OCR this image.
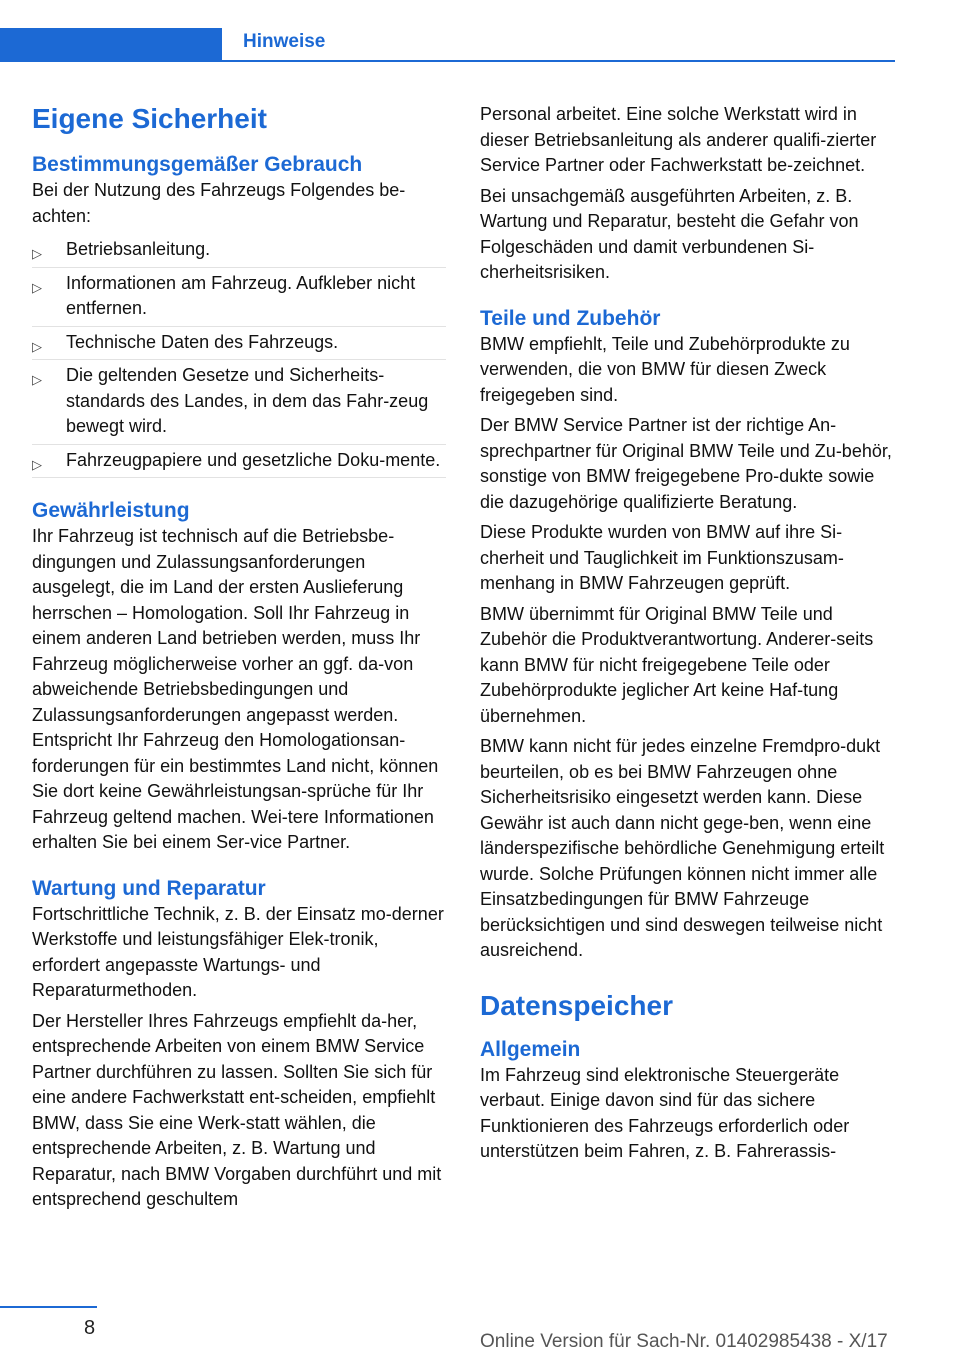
Hinweise
Eigene Sicherheit
Bestimmungsgemäßer Gebrauch

Bei der Nutzung des Fahrzeugs Folgendes be-achten:

▷ Betriebsanleitung.
▷ Informationen am Fahrzeug. Aufkleber nicht entfernen.
▷ Technische Daten des Fahrzeugs.
▷ Die geltenden Gesetze und Sicherheits-standards des Landes, in dem das Fahr-zeug bewegt wird.
▷ Fahrzeugpapiere und gesetzliche Doku-mente.
Gewährleistung

Ihr Fahrzeug ist technisch auf die Betriebsbe-dingungen und Zulassungsanforderungen ausgelegt, die im Land der ersten Auslieferung herrschen – Homologation. Soll Ihr Fahrzeug in einem anderen Land betrieben werden, muss Ihr Fahrzeug möglicherweise vorher an ggf. da-von abweichende Betriebsbedingungen und Zulassungsanforderungen angepasst werden. Entspricht Ihr Fahrzeug den Homologationsan-forderungen für ein bestimmtes Land nicht, können Sie dort keine Gewährleistungsan-sprüche für Ihr Fahrzeug geltend machen. Wei-tere Informationen erhalten Sie bei einem Ser-vice Partner.

Wartung und Reparatur

Fortschrittliche Technik, z. B. der Einsatz mo-derner Werkstoffe und leistungsfähiger Elek-tronik, erfordert angepasste Wartungs- und Reparaturmethoden.

Der Hersteller Ihres Fahrzeugs empfiehlt da-her, entsprechende Arbeiten von einem BMW Service Partner durchführen zu lassen. Sollten Sie sich für eine andere Fachwerkstatt ent-scheiden, empfiehlt BMW, dass Sie eine Werk-statt wählen, die entsprechende Arbeiten, z. B. Wartung und Reparatur, nach BMW Vorgaben durchführt und mit entsprechend geschultem

Personal arbeitet. Eine solche Werkstatt wird in dieser Betriebsanleitung als anderer qualifi-zierter Service Partner oder Fachwerkstatt be-zeichnet.

Bei unsachgemäß ausgeführten Arbeiten, z. B. Wartung und Reparatur, besteht die Gefahr von Folgeschäden und damit verbundenen Si-cherheitsrisiken.

Teile und Zubehör

BMW empfiehlt, Teile und Zubehörprodukte zu verwenden, die von BMW für diesen Zweck freigegeben sind.

Der BMW Service Partner ist der richtige An-sprechpartner für Original BMW Teile und Zu-behör, sonstige von BMW freigegebene Pro-dukte sowie die dazugehörige qualifizierte Beratung.

Diese Produkte wurden von BMW auf ihre Si-cherheit und Tauglichkeit im Funktionszusam-menhang in BMW Fahrzeugen geprüft.

BMW übernimmt für Original BMW Teile und Zubehör die Produktverantwortung. Anderer-seits kann BMW für nicht freigegebene Teile oder Zubehörprodukte jeglicher Art keine Haf-tung übernehmen.

BMW kann nicht für jedes einzelne Fremdpro-dukt beurteilen, ob es bei BMW Fahrzeugen ohne Sicherheitsrisiko eingesetzt werden kann. Diese Gewähr ist auch dann nicht gege-ben, wenn eine länderspezifische behördliche Genehmigung erteilt wurde. Solche Prüfungen können nicht immer alle Einsatzbedingungen für BMW Fahrzeuge berücksichtigen und sind deswegen teilweise nicht ausreichend.

Datenspeicher
Allgemein

Im Fahrzeug sind elektronische Steuergeräte verbaut. Einige davon sind für das sichere Funktionieren des Fahrzeugs erforderlich oder unterstützen beim Fahren, z. B. Fahrerassis-

8
Online Version für Sach-Nr. 01402985438 - X/17
